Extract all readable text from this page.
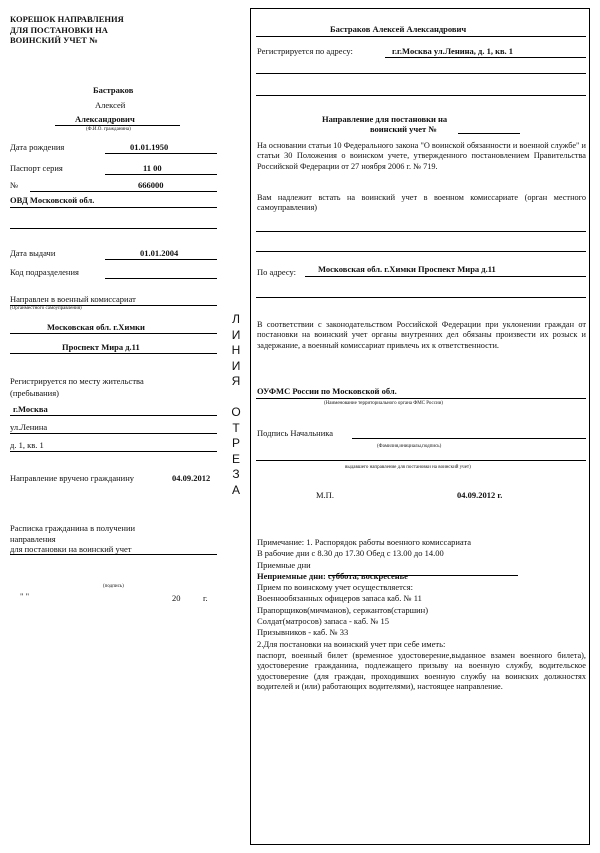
КОРЕШОК НАПРАВЛЕНИЯ
ДЛЯ ПОСТАНОВКИ НА
ВОИНСКИЙ УЧЕТ №
Бастраков
Алексей
Александрович
(Ф.И.О. гражданина)
Дата рождения	01.01.1950
Паспорт серия	11 00
№	666000
ОВД Московской обл.
Дата выдачи	01.01.2004
Код подразделения
Направлен в военный комиссариат
(Органместного самоуправления)
Московская обл. г.Химки
Проспект Мира д.11
Регистрируется по месту жительства
(пребывания)
г.Москва
ул.Ленина
д. 1, кв. 1
Направление вручено гражданину	04.09.2012
Расписка гражданина в получении
направления
для постановки на воинский учет
(подпись)
" "	20	г.
Л
И
Н
И
Я

О
Т
Р
Е
З
А
Бастраков Алексей Александрович
Регистрируется по адресу:	г.г.Москва ул.Ленина, д. 1, кв. 1
Направление для постановки на
воинский учет №
На основании статьи 10 Федерального закона "О воинской обязанности и военной службе" и статьи 30 Положения о воинском учете, утвержденного постановлением Правительства Российской Федерации от 27 ноября 2006 г. № 719.
Вам надлежит встать на воинский учет в военном комиссариате (орган местного самоуправления)
По адресу:	Московская обл. г.Химки Проспект Мира д.11
В соответствии с законодательством Российской Федерации при уклонении граждан от постановки на воинский учет органы внутренних дел обязаны произвести их розыск и задержание, а военный комиссариат привлечь их к ответственности.
ОУФМС России по Московской обл.
(Наименование территориального органа ФМС России)
Подпись Начальника
(Фамилия,инициалы,подпись)
выдавшего направление для постановки на воинский учет)
М.П.	04.09.2012 г.
Примечание: 1. Распорядок работы военного комиссариата
В рабочие дни с 8.30 до 17.30 Обед с 13.00 до 14.00
Приемные дни
Неприемные дни: суббота, воскресенье
Прием по воинскому учет осуществляется:
Военнообязанных офицеров запаса каб. № 11
Прапорщиков(мичманов), сержантов(старшин)
Солдат(матросов) запаса - каб. № 15
Призывников - каб. № 33
2.Для постановки на воинский учет при себе иметь:
паспорт, военный билет (временное удостоверение,выданное взамен военного билета), удостоверение гражданина, подлежащего призыву на военную службу, водительское удостоверение (для граждан, проходивших военную службу на воинских должностях водителей и (или) работающих водителями), настоящее направление.
